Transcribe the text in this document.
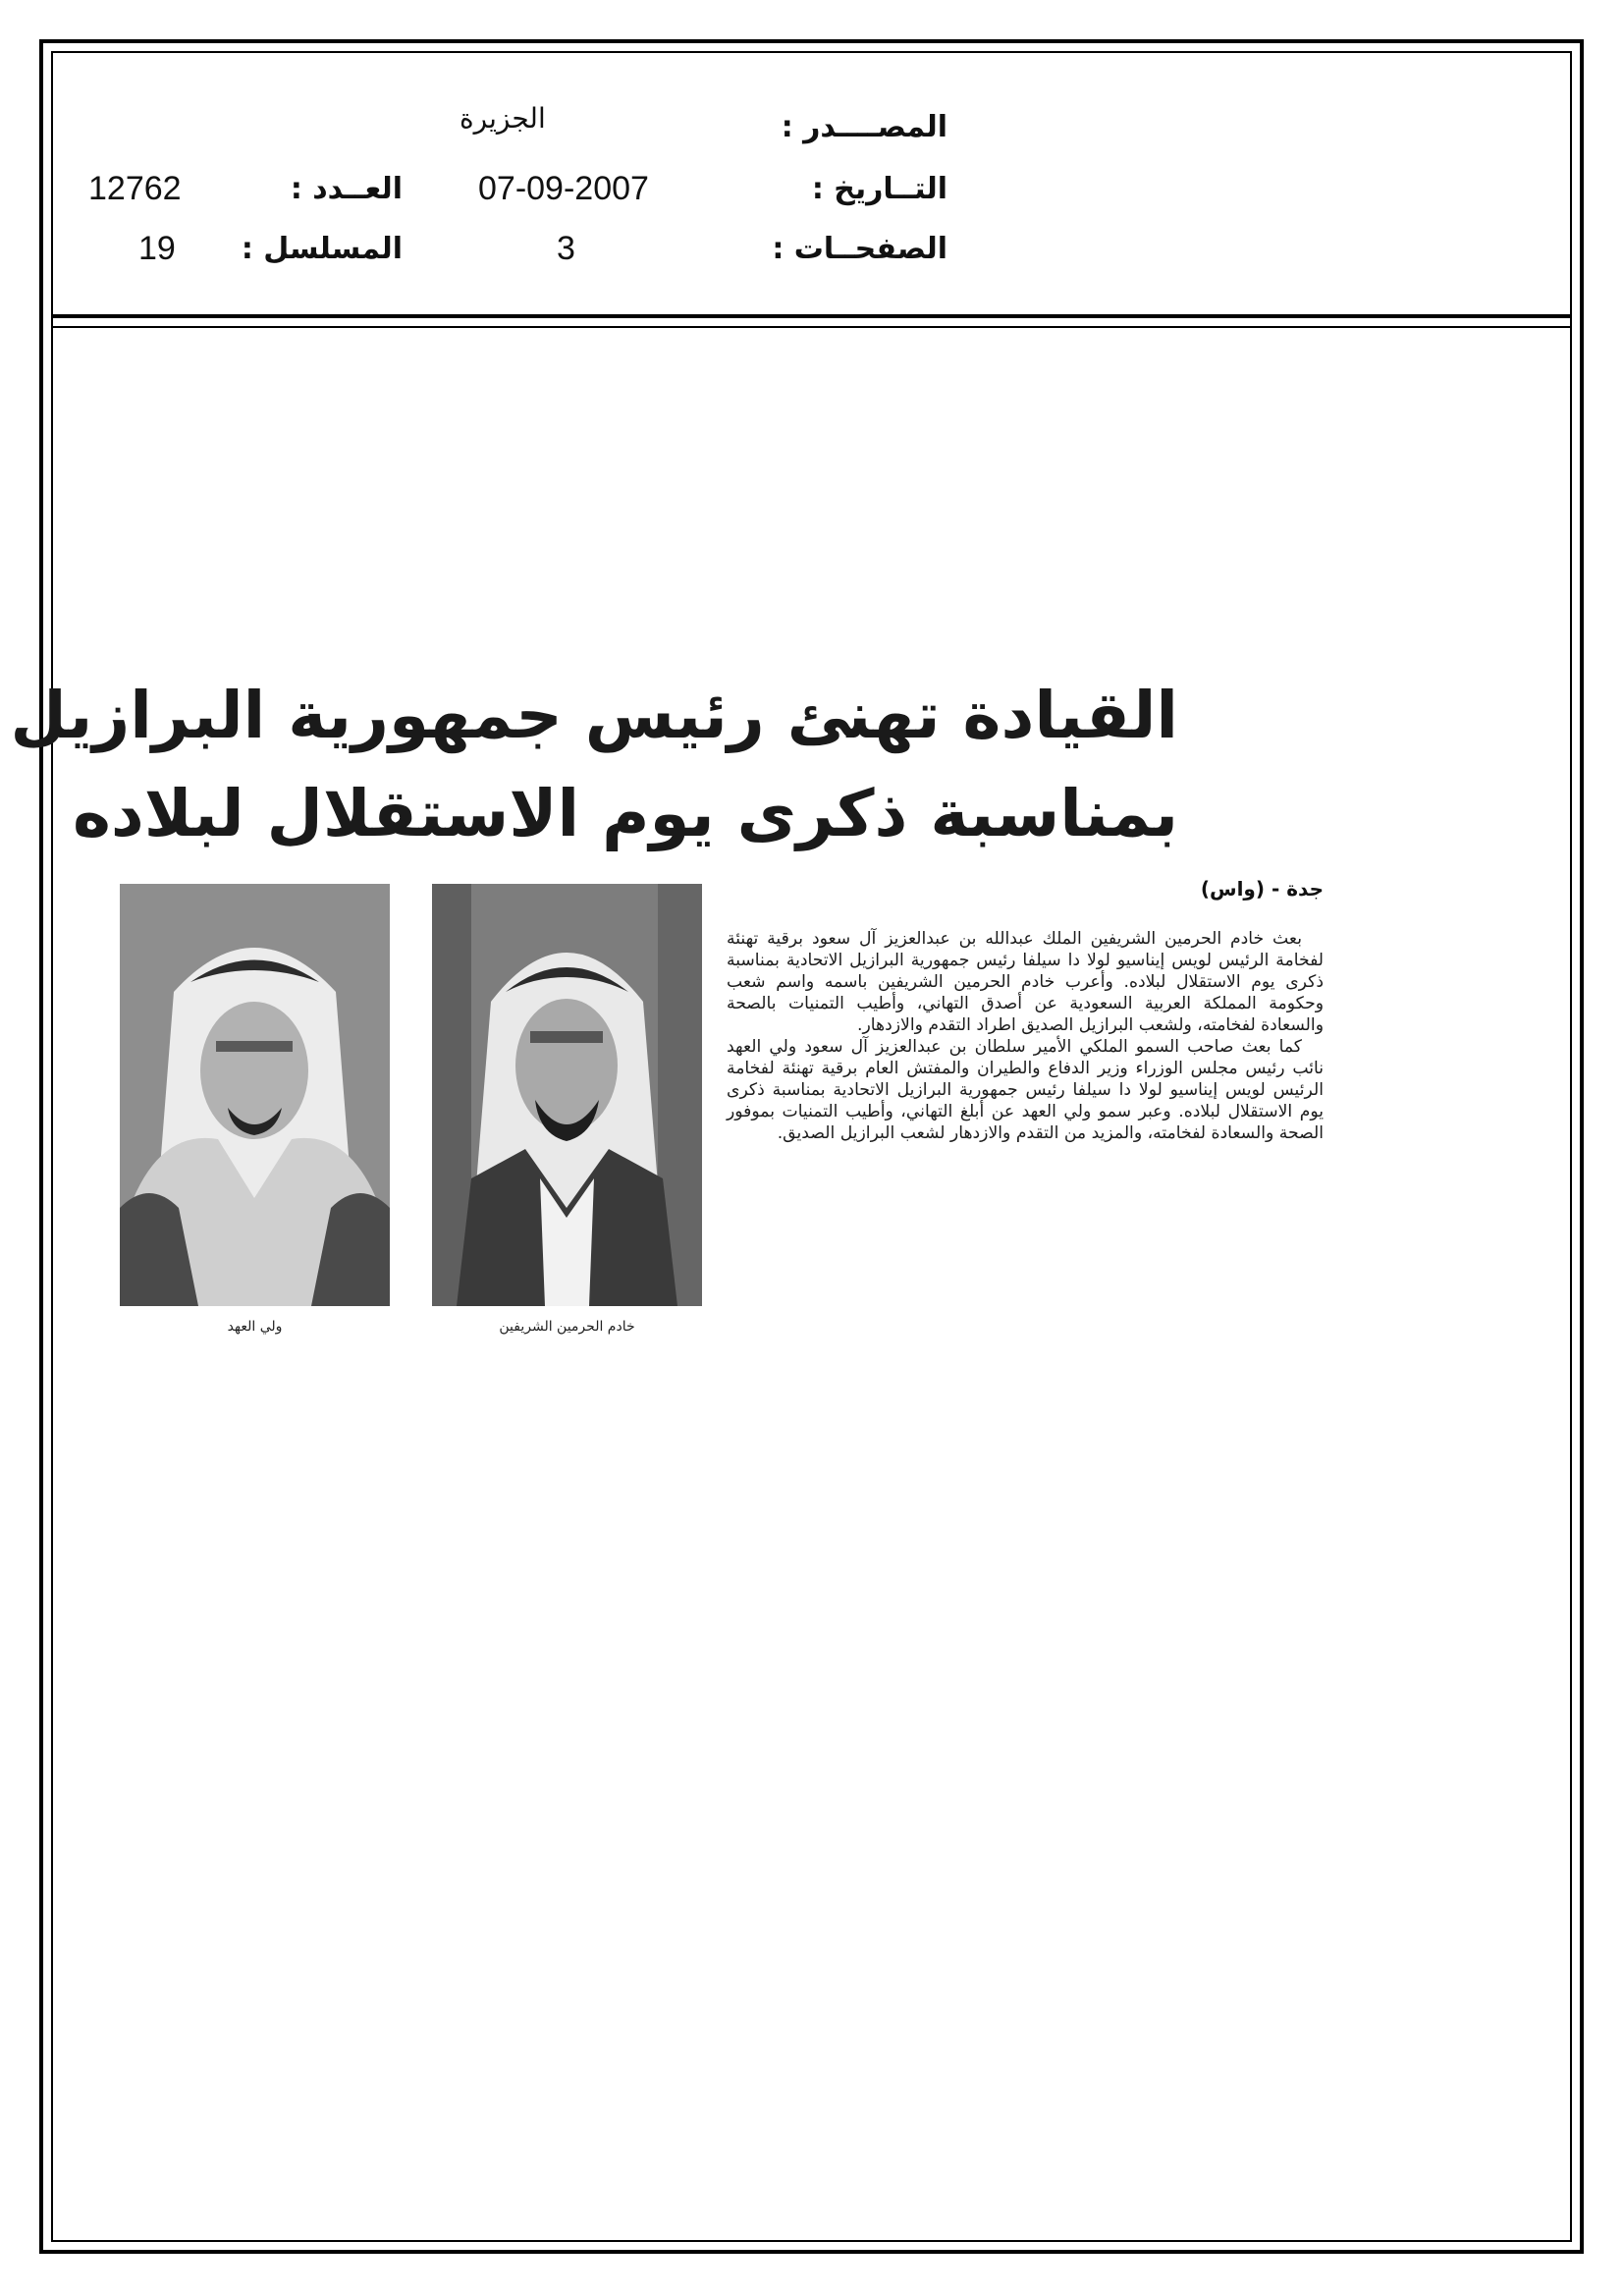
المصــــدر :
الجزيرة
التــاريخ :
07-09-2007
العــدد :
12762
الصفحــات :
3
المسلسل :
19
القيادة تهنئ رئيس جمهورية البرازيل
بمناسبة ذكرى يوم الاستقلال لبلاده
جدة - (واس)

بعث خادم الحرمين الشريفين الملك عبدالله بن عبدالعزيز آل سعود برقية تهنئة لفخامة الرئيس لويس إيناسيو لولا دا سيلفا رئيس جمهورية البرازيل الاتحادية بمناسبة ذكرى يوم الاستقلال لبلاده. وأعرب خادم الحرمين الشريفين باسمه واسم شعب وحكومة المملكة العربية السعودية عن أصدق التهاني، وأطيب التمنيات بالصحة والسعادة لفخامته، ولشعب البرازيل الصديق اطراد التقدم والازدهار.

كما بعث صاحب السمو الملكي الأمير سلطان بن عبدالعزيز آل سعود ولي العهد نائب رئيس مجلس الوزراء وزير الدفاع والطيران والمفتش العام برقية تهنئة لفخامة الرئيس لويس إيناسيو لولا دا سيلفا رئيس جمهورية البرازيل الاتحادية بمناسبة ذكرى يوم الاستقلال لبلاده. وعبر سمو ولي العهد عن أبلغ التهاني، وأطيب التمنيات بموفور الصحة والسعادة لفخامته، والمزيد من التقدم والازدهار لشعب البرازيل الصديق.

خادم الحرمين الشريفين
ولي العهد
